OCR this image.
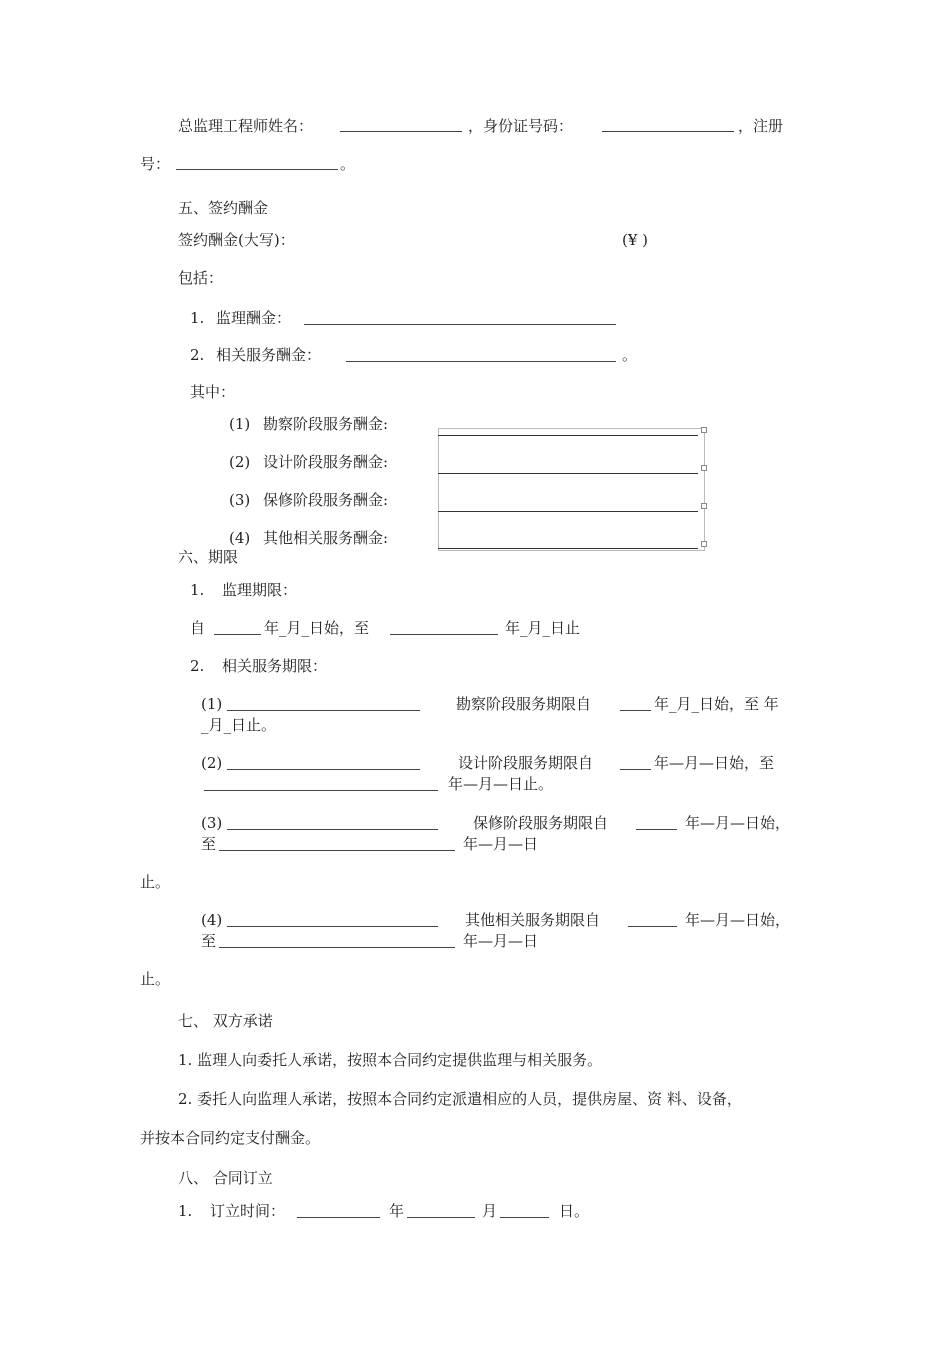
总监理工程师姓名：	，身份证号码：	，注册
号：	。
五、签约酬金
签约酬金(大写)：	(¥ )
包括：
1. 监理酬金：
2. 相关服务酬金：	。
其中：
(1) 勘察阶段服务酬金:
(2) 设计阶段服务酬金:
(3) 保修阶段服务酬金:
(4) 其他相关服务酬金:
六、期限
1. 监理期限：
自	年_月_日始，至	年_月_日止
2. 相关服务期限：
(1)	勘察阶段服务期限自	年_月_日始，至 年
_月_日止。
(2)	设计阶段服务期限自	年—月—日始，至
年—月—日止。
(3)	保修阶段服务期限自	年—月—日始，
至	年—月—日
止。
(4)	其他相关服务期限自	年—月—日始，
至	年—月—日
止。
七、 双方承诺
1. 监理人向委托人承诺，按照本合同约定提供监理与相关服务。
2. 委托人向监理人承诺，按照本合同约定派遣相应的人员，提供房屋、资 料、设备，
并按本合同约定支付酬金。
八、 合同订立
1. 订立时间：	年	月	日。
